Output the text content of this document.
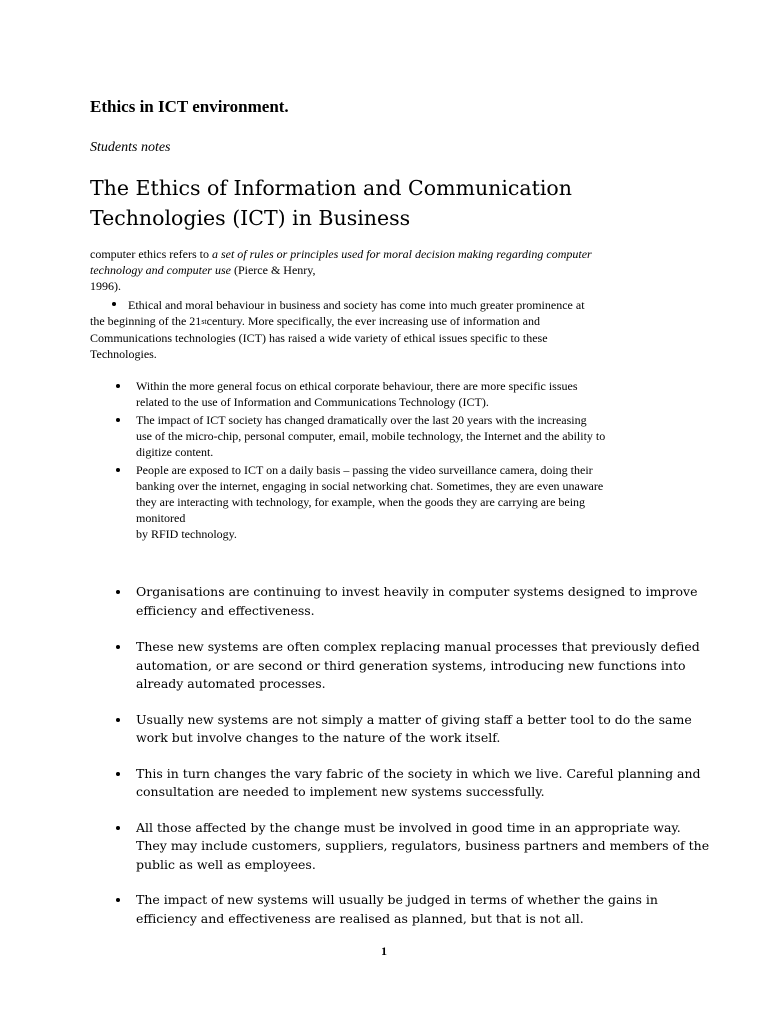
Ethics in ICT environment.

Students notes

The Ethics of Information and Communication
Technologies (ICT) in Business

computer ethics refers to a set of rules or principles used for moral decision making regarding computer
technology and computer use (Pierce & Henry,
1996).

Ethical and moral behaviour in business and society has come into much greater prominence at
the beginning of the 21stcentury. More specifically, the ever increasing use of information and
Communications technologies (ICT) has raised a wide variety of ethical issues specific to these
Technologies.

Within the more general focus on ethical corporate behaviour, there are more specific issues
related to the use of Information and Communications Technology (ICT).
The impact of ICT society has changed dramatically over the last 20 years with the increasing
use of the micro-chip, personal computer, email, mobile technology, the Internet and the ability to
digitize content.
People are exposed to ICT on a daily basis – passing the video surveillance camera, doing their
banking over the internet, engaging in social networking chat. Sometimes, they are even unaware
they are interacting with technology, for example, when the goods they are carrying are being
monitored
by RFID technology.
Organisations are continuing to invest heavily in computer systems designed to improve
efficiency and effectiveness.
These new systems are often complex replacing manual processes that previously defied
automation, or are second or third generation systems, introducing new functions into
already automated processes.
Usually new systems are not simply a matter of giving staff a better tool to do the same
work but involve changes to the nature of the work itself.
This in turn changes the vary fabric of the society in which we live. Careful planning and
consultation are needed to implement new systems successfully.
All those affected by the change must be involved in good time in an appropriate way.
They may include customers, suppliers, regulators, business partners and members of the
public as well as employees.
The impact of new systems will usually be judged in terms of whether the gains in
efficiency and effectiveness are realised as planned, but that is not all.
1
